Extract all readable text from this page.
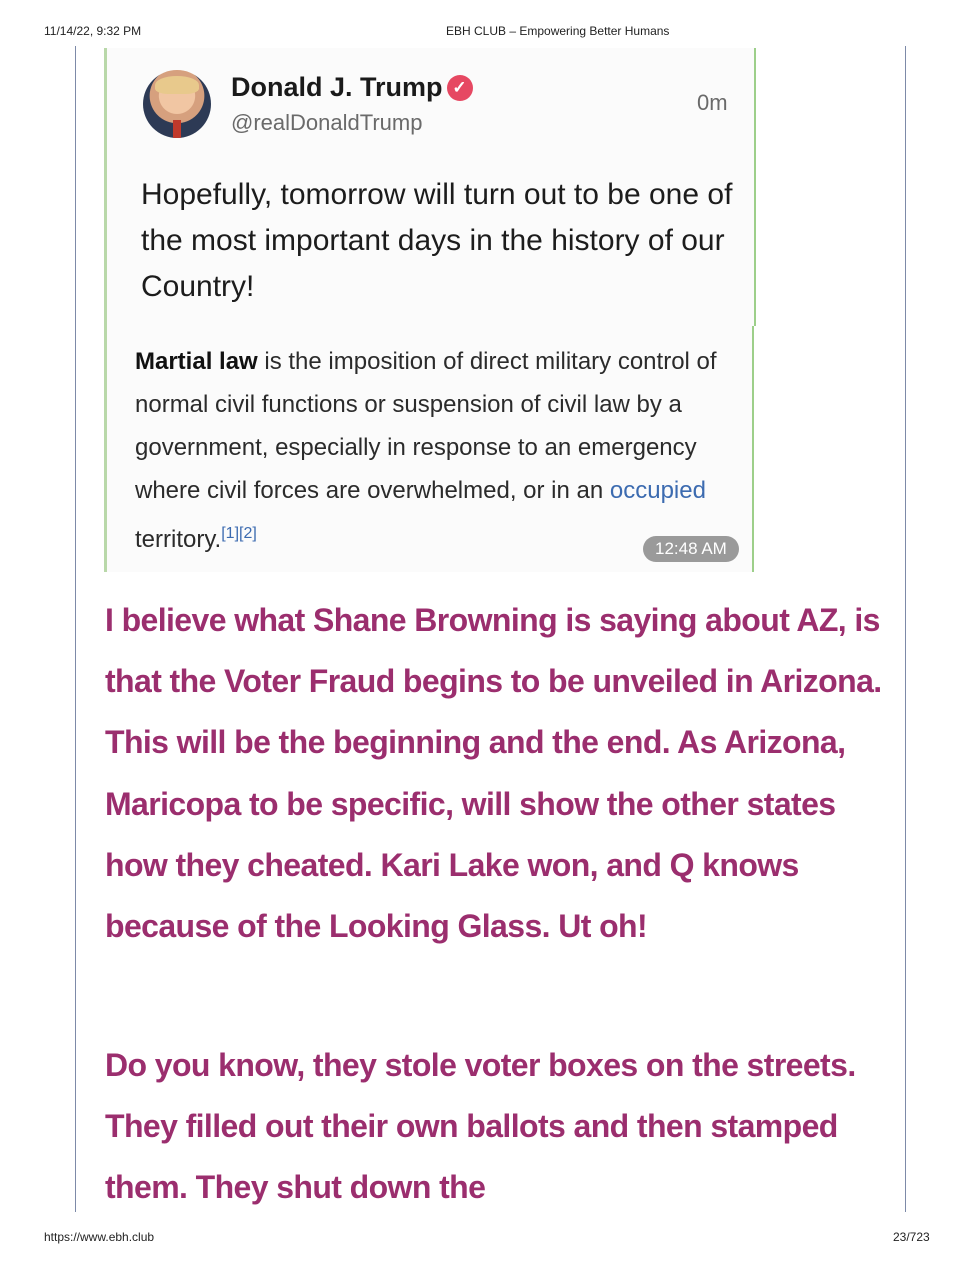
11/14/22, 9:32 PM	EBH CLUB – Empowering Better Humans
Donald J. Trump ✓
@realDonaldTrump
0m
Hopefully, tomorrow will turn out to be one of the most important days in the history of our Country!
Martial law is the imposition of direct military control of normal civil functions or suspension of civil law by a government, especially in response to an emergency where civil forces are overwhelmed, or in an occupied territory.[1][2]
12:48 AM

I believe what Shane Browning is saying about AZ, is that the Voter Fraud begins to be unveiled in Arizona. This will be the beginning and the end. As Arizona, Maricopa to be specific, will show the other states how they cheated. Kari Lake won, and Q knows because of the Looking Glass. Ut oh!

Do you know, they stole voter boxes on the streets. They filled out their own ballots and then stamped them. They shut down the

https://www.ebh.club	23/723
